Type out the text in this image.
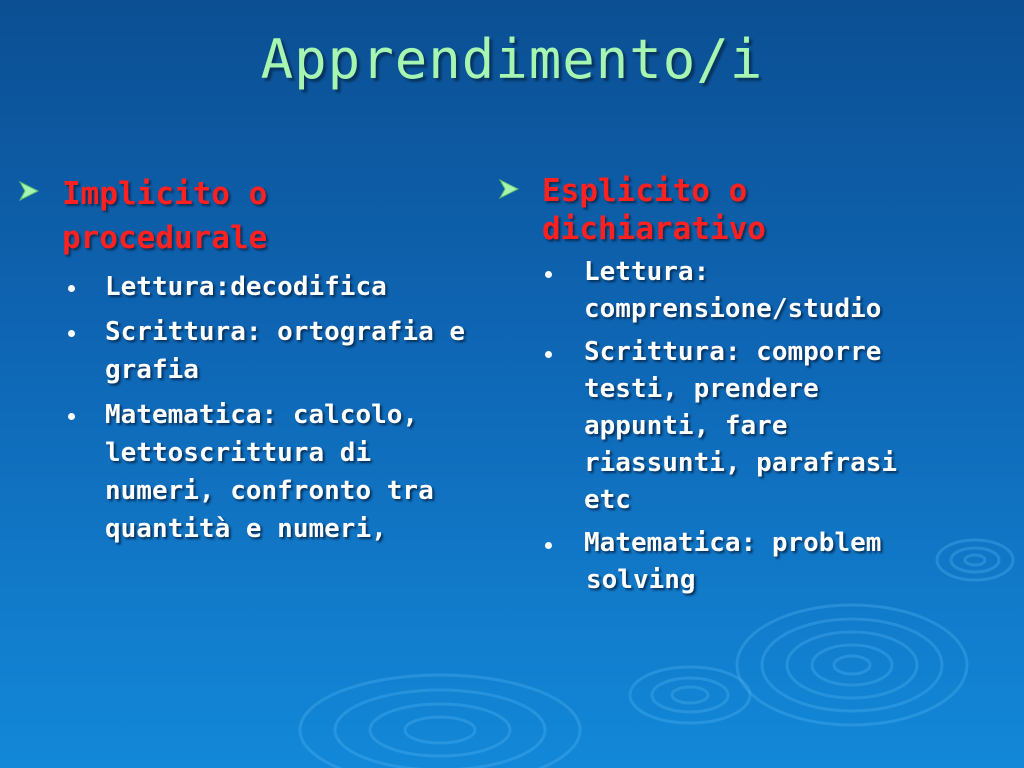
Apprendimento/i
Implicito o procedurale
Lettura:decodifica
Scrittura: ortografia e grafia
Matematica: calcolo, lettoscrittura di numeri, confronto tra quantità e numeri,
Esplicito o dichiarativo
Lettura: comprensione/studio
Scrittura: comporre testi, prendere appunti, fare riassunti, parafrasi etc
Matematica: problem
solving
